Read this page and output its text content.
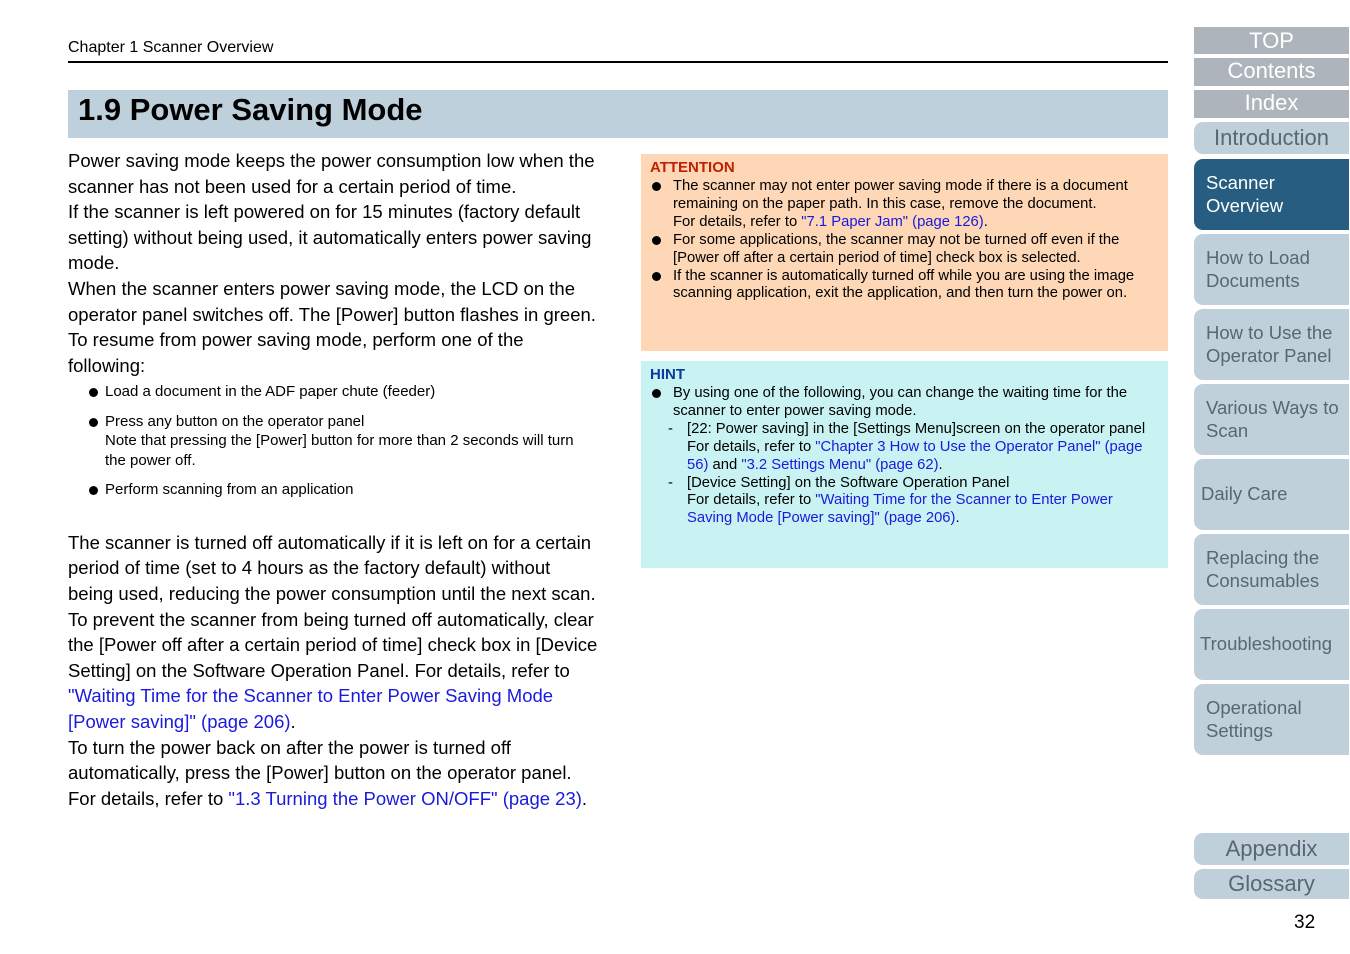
Chapter 1 Scanner Overview
1.9 Power Saving Mode

Power saving mode keeps the power consumption low when the scanner has not been used for a certain period of time.

If the scanner is left powered on for 15 minutes (factory default setting) without being used, it automatically enters power saving mode.

When the scanner enters power saving mode, the LCD on the operator panel switches off. The [Power] button flashes in green.

To resume from power saving mode, perform one of the following:

Load a document in the ADF paper chute (feeder)
Press any button on the operator panel
Note that pressing the [Power] button for more than 2 seconds will turn the power off.
Perform scanning from an application

The scanner is turned off automatically if it is left on for a certain period of time (set to 4 hours as the factory default) without being used, reducing the power consumption until the next scan.

To prevent the scanner from being turned off automatically, clear the [Power off after a certain period of time] check box in [Device Setting] on the Software Operation Panel. For details, refer to "Waiting Time for the Scanner to Enter Power Saving Mode [Power saving]" (page 206).

To turn the power back on after the power is turned off automatically, press the [Power] button on the operator panel. For details, refer to "1.3 Turning the Power ON/OFF" (page 23).

ATTENTION
The scanner may not enter power saving mode if there is a document remaining on the paper path. In this case, remove the document.
For details, refer to "7.1 Paper Jam" (page 126).
For some applications, the scanner may not be turned off even if the [Power off after a certain period of time] check box is selected.
If the scanner is automatically turned off while you are using the image scanning application, exit the application, and then turn the power on.
HINT
By using one of the following, you can change the waiting time for the scanner to enter power saving mode.
- [22: Power saving] in the [Settings Menu]screen on the operator panel
For details, refer to "Chapter 3 How to Use the Operator Panel" (page 56) and "3.2 Settings Menu" (page 62).
- [Device Setting] on the Software Operation Panel
For details, refer to "Waiting Time for the Scanner to Enter Power Saving Mode [Power saving]" (page 206).
TOP
Contents
Index
Introduction
Scanner Overview
How to Load Documents
How to Use the Operator Panel
Various Ways to Scan
Daily Care
Replacing the Consumables
Troubleshooting
Operational Settings
Appendix
Glossary
32
